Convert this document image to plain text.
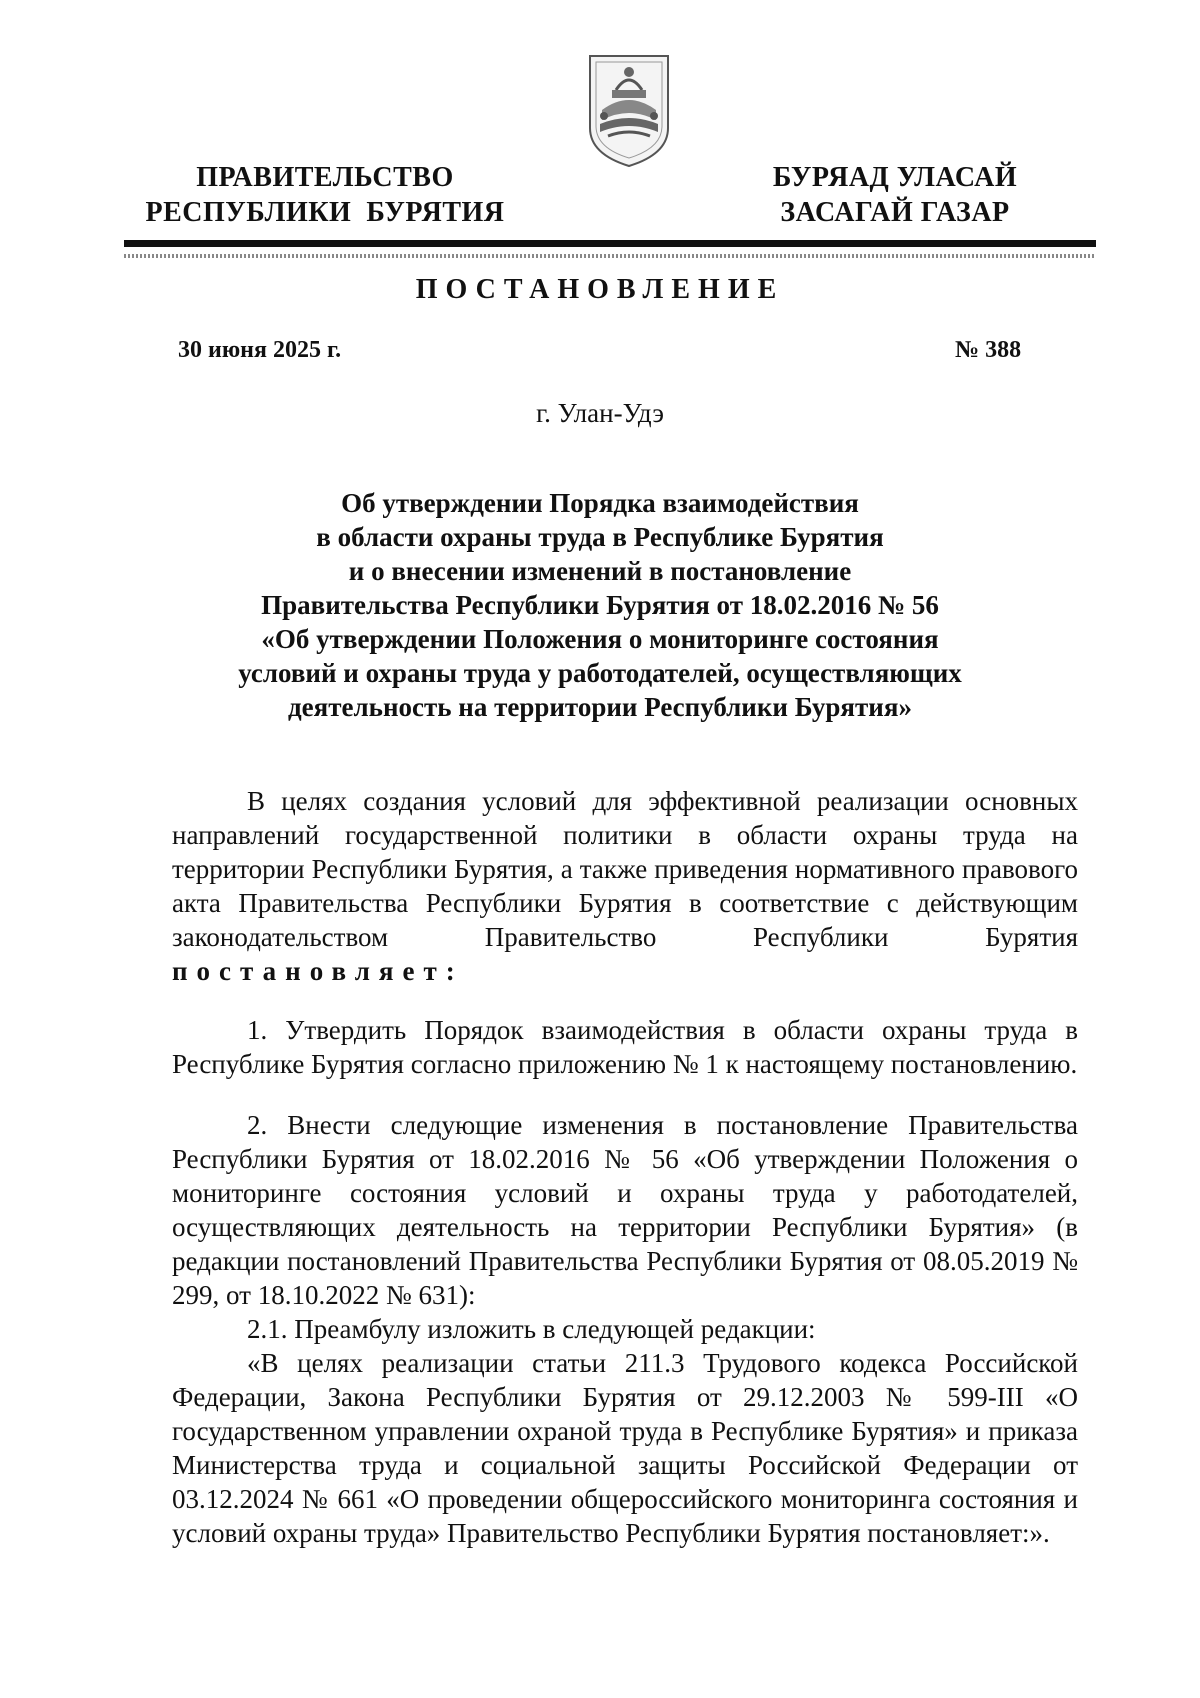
ПРАВИТЕЛЬСТВО
РЕСПУБЛИКИ  БУРЯТИЯ
БУРЯАД УЛАСАЙ
ЗАСАГАЙ ГАЗАР
ПОСТАНОВЛЕНИЕ
30 июня 2025 г.	№ 388
г. Улан-Удэ
Об утверждении Порядка взаимодействия
в области охраны труда в Республике Бурятия
и о внесении изменений в постановление
Правительства Республики Бурятия от 18.02.2016 № 56
«Об утверждении Положения о мониторинге состояния
условий и охраны труда у работодателей, осуществляющих
деятельность на территории Республики Бурятия»

В целях создания условий для эффективной реализации основных направлений государственной политики в области охраны труда на территории Республики Бурятия, а также приведения нормативного правового акта Правительства Республики Бурятия в соответствие с действующим законодательством Правительство Республики Бурятия постановляет:

1. Утвердить Порядок взаимодействия в области охраны труда в Республике Бурятия согласно приложению № 1 к настоящему постановлению.

2. Внести следующие изменения в постановление Правительства Республики Бурятия от 18.02.2016 № 56 «Об утверждении Положения о мониторинге состояния условий и охраны труда у работодателей, осуществляющих деятельность на территории Республики Бурятия» (в редакции постановлений Правительства Республики Бурятия от 08.05.2019 № 299, от 18.10.2022 № 631):

2.1. Преамбулу изложить в следующей редакции:

«В целях реализации статьи 211.3 Трудового кодекса Российской Федерации, Закона Республики Бурятия от 29.12.2003 № 599-III «О государственном управлении охраной труда в Республике Бурятия» и приказа Министерства труда и социальной защиты Российской Федерации от 03.12.2024 № 661 «О проведении общероссийского мониторинга состояния и условий охраны труда» Правительство Республики Бурятия постановляет:».
